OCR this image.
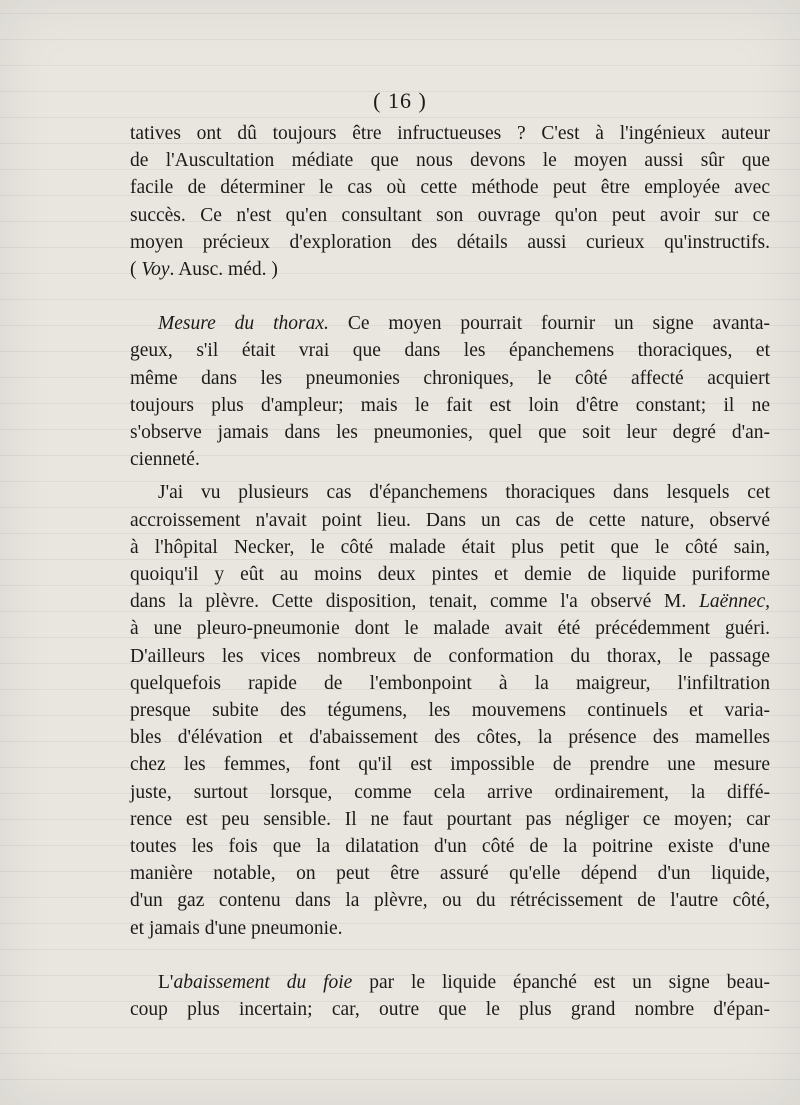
( 16 )

tatives ont dû toujours être infructueuses ? C'est à l'ingénieux auteur

de l'Auscultation médiate que nous devons le moyen aussi sûr que

facile de déterminer le cas où cette méthode peut être employée avec

succès. Ce n'est qu'en consultant son ouvrage qu'on peut avoir sur ce

moyen précieux d'exploration des détails aussi curieux qu'instructifs.

( Voy. Ausc. méd. )

Mesure du thorax. Ce moyen pourrait fournir un signe avanta-

geux, s'il était vrai que dans les épanchemens thoraciques, et

même dans les pneumonies chroniques, le côté affecté acquiert

toujours plus d'ampleur; mais le fait est loin d'être constant; il ne

s'observe jamais dans les pneumonies, quel que soit leur degré d'an-

cienneté.

J'ai vu plusieurs cas d'épanchemens thoraciques dans lesquels cet

accroissement n'avait point lieu. Dans un cas de cette nature, observé

à l'hôpital Necker, le côté malade était plus petit que le côté sain,

quoiqu'il y eût au moins deux pintes et demie de liquide puriforme

dans la plèvre. Cette disposition, tenait, comme l'a observé M. Laënnec,

à une pleuro-pneumonie dont le malade avait été précédemment guéri.

D'ailleurs les vices nombreux de conformation du thorax, le passage

quelquefois rapide de l'embonpoint à la maigreur, l'infiltration

presque subite des tégumens, les mouvemens continuels et varia-

bles d'élévation et d'abaissement des côtes, la présence des mamelles

chez les femmes, font qu'il est impossible de prendre une mesure

juste, surtout lorsque, comme cela arrive ordinairement, la diffé-

rence est peu sensible. Il ne faut pourtant pas négliger ce moyen; car

toutes les fois que la dilatation d'un côté de la poitrine existe d'une

manière notable, on peut être assuré qu'elle dépend d'un liquide,

d'un gaz contenu dans la plèvre, ou du rétrécissement de l'autre côté,

et jamais d'une pneumonie.

L'abaissement du foie par le liquide épanché est un signe beau-

coup plus incertain; car, outre que le plus grand nombre d'épan-
